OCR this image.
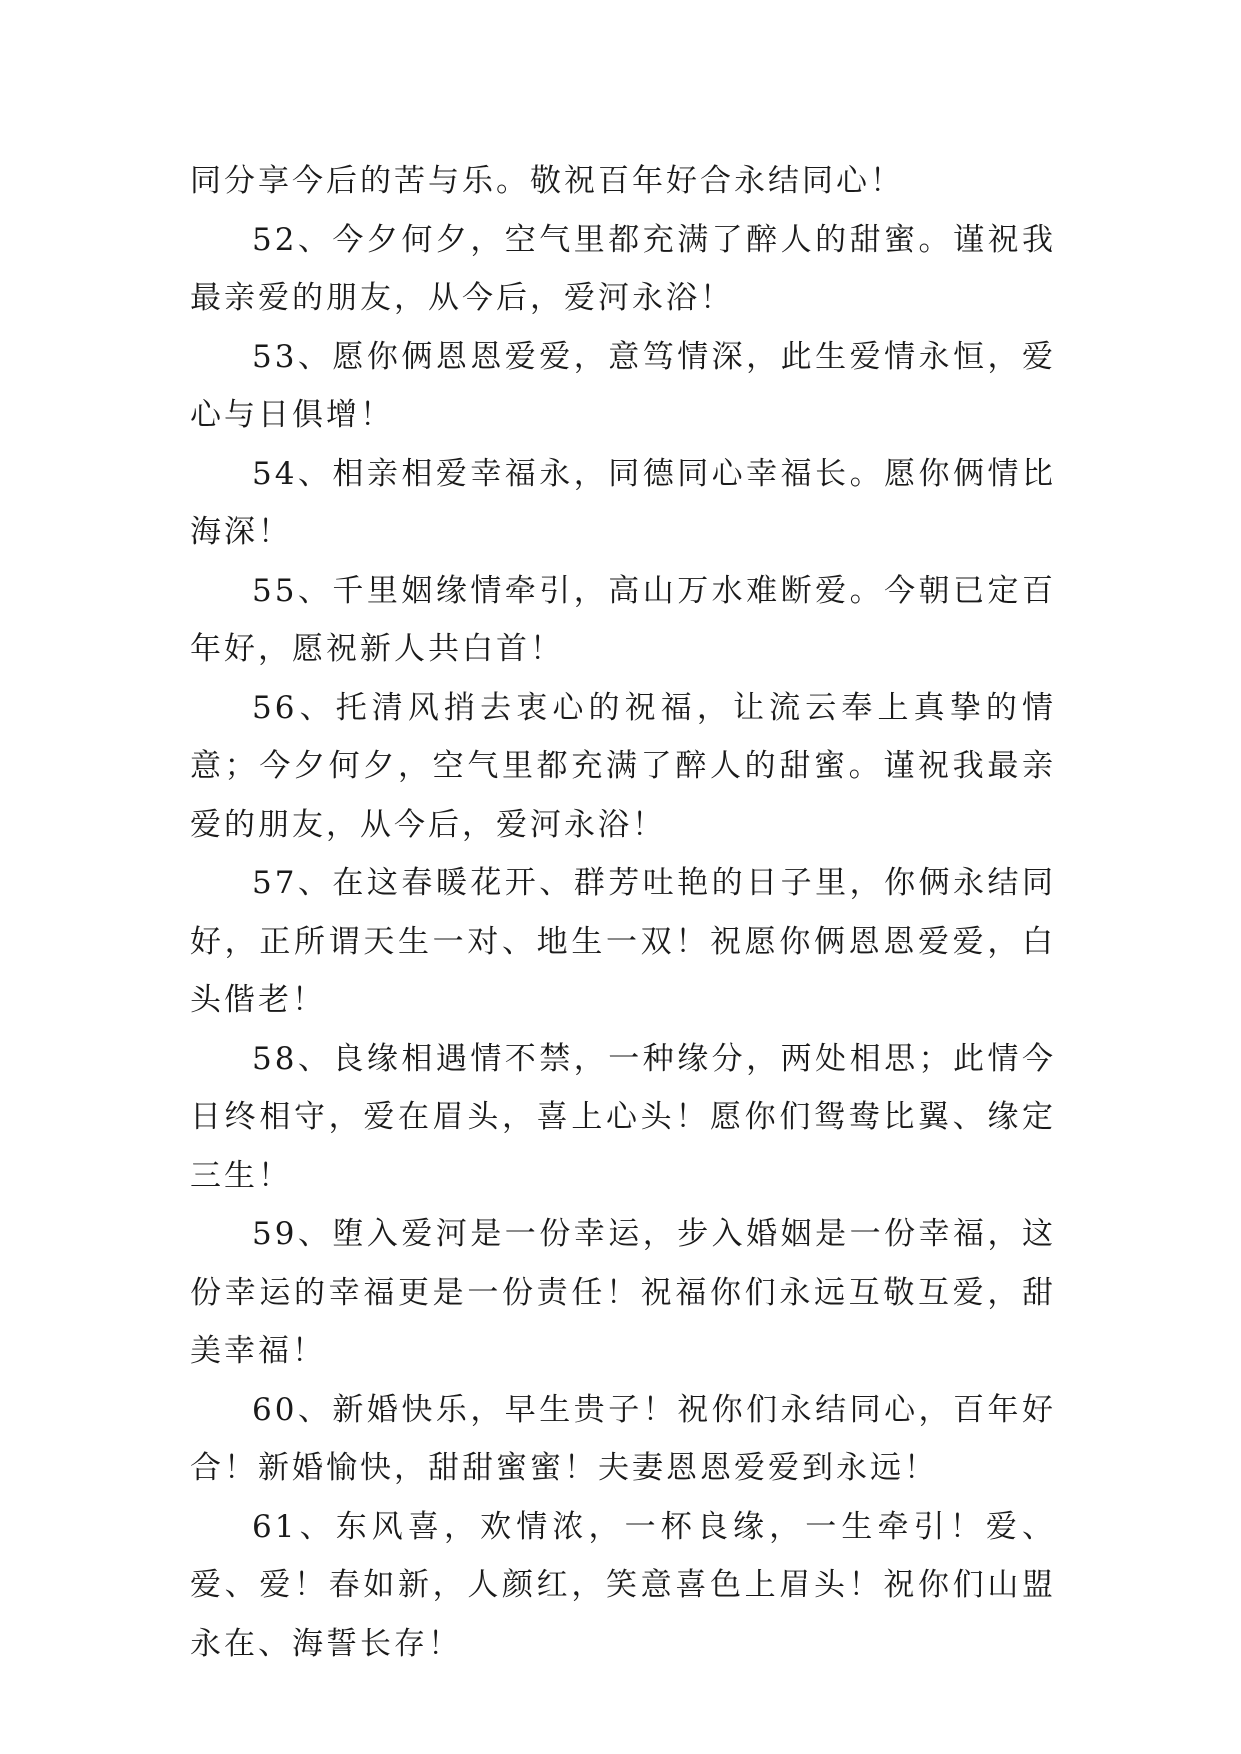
同分享今后的苦与乐。敬祝百年好合永结同心！

52、今夕何夕，空气里都充满了醉人的甜蜜。谨祝我最亲爱的朋友，从今后，爱河永浴！

53、愿你俩恩恩爱爱，意笃情深，此生爱情永恒，爱心与日俱增！

54、相亲相爱幸福永，同德同心幸福长。愿你俩情比海深！

55、千里姻缘情牵引，高山万水难断爱。今朝已定百年好，愿祝新人共白首！

56、托清风捎去衷心的祝福，让流云奉上真挚的情意；今夕何夕，空气里都充满了醉人的甜蜜。谨祝我最亲爱的朋友，从今后，爱河永浴！

57、在这春暖花开、群芳吐艳的日子里，你俩永结同好，正所谓天生一对、地生一双！祝愿你俩恩恩爱爱，白头偕老！

58、良缘相遇情不禁，一种缘分，两处相思；此情今日终相守，爱在眉头，喜上心头！愿你们鸳鸯比翼、缘定三生！

59、堕入爱河是一份幸运，步入婚姻是一份幸福，这份幸运的幸福更是一份责任！祝福你们永远互敬互爱，甜美幸福！

60、新婚快乐，早生贵子！祝你们永结同心，百年好合！新婚愉快，甜甜蜜蜜！夫妻恩恩爱爱到永远！

61、东风喜，欢情浓，一杯良缘，一生牵引！爱、爱、爱！春如新，人颜红，笑意喜色上眉头！祝你们山盟永在、海誓长存！
